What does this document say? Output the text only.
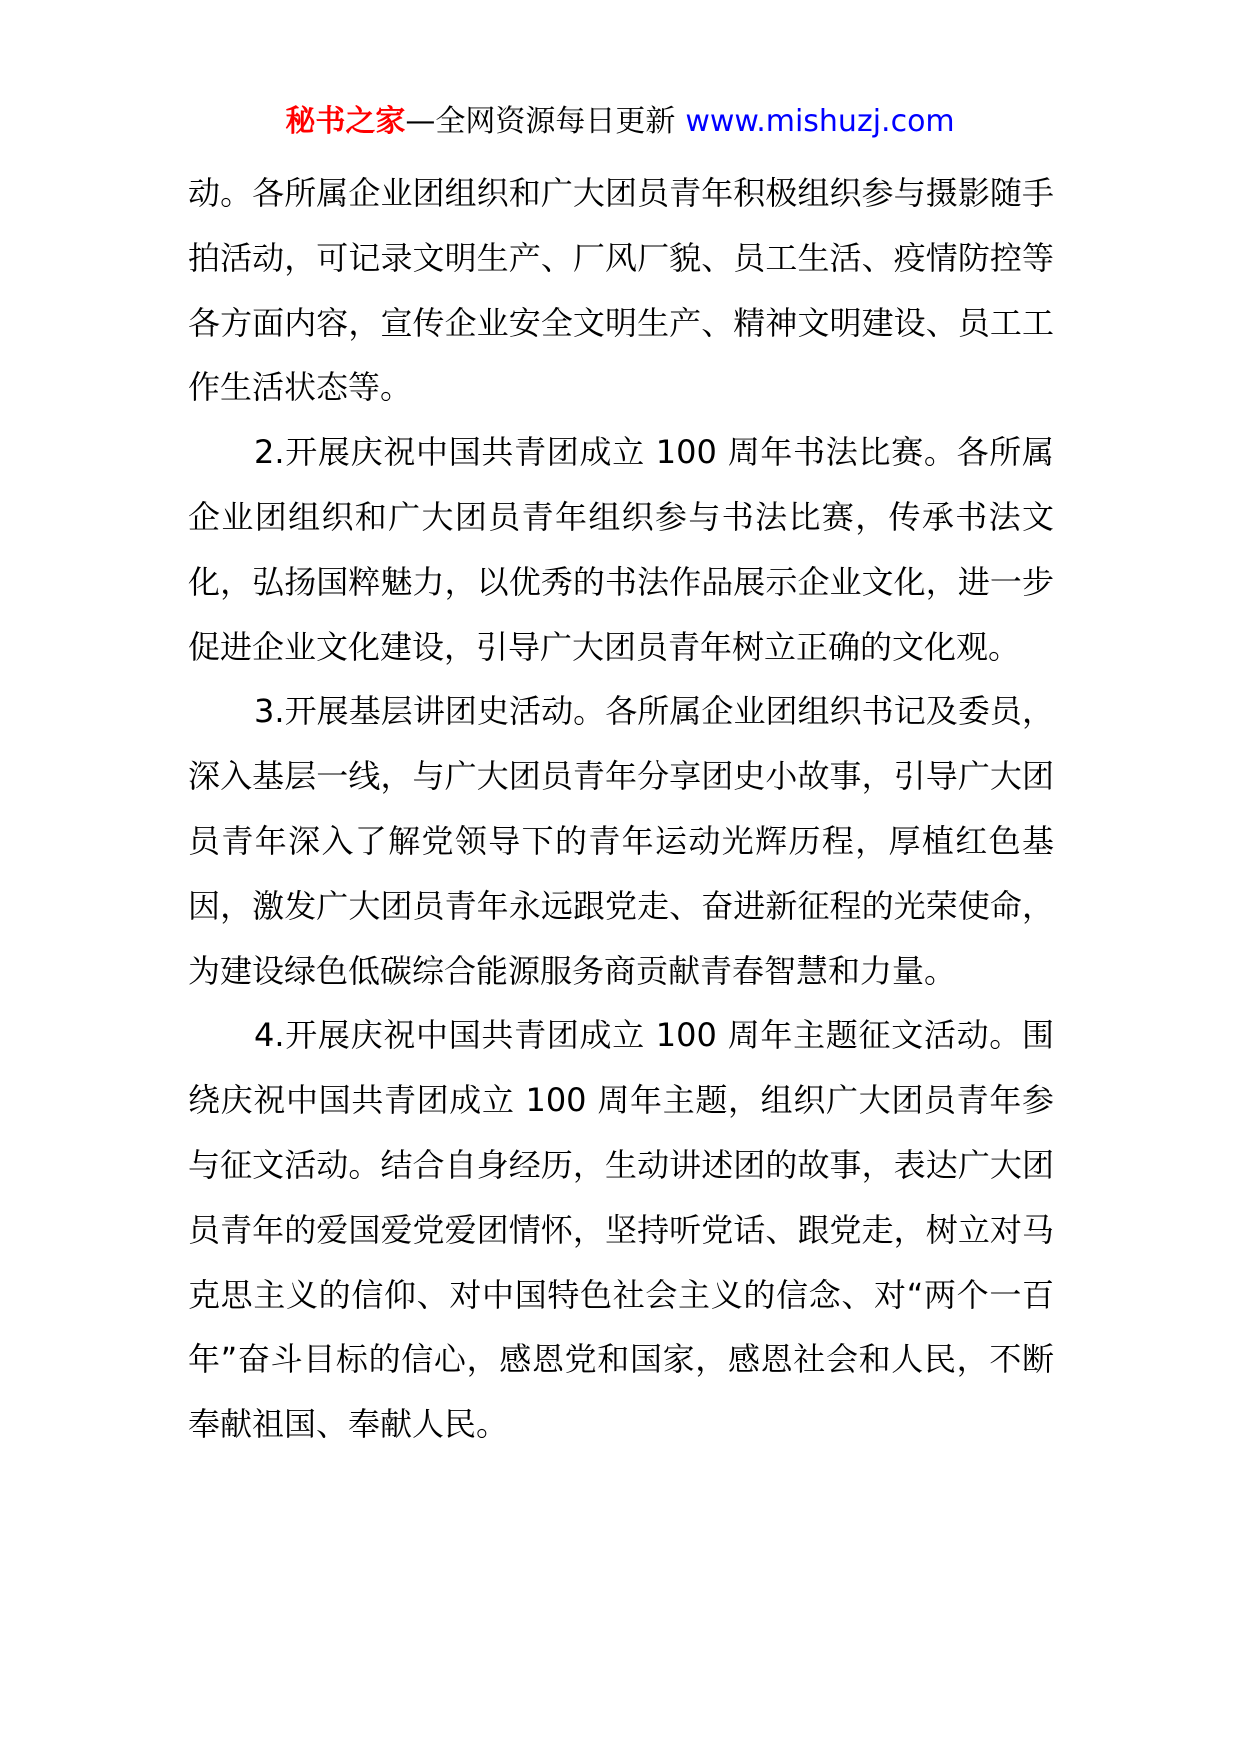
秘书之家—全网资源每日更新 www.mishuzj.com

动。各所属企业团组织和广大团员青年积极组织参与摄影随手拍活动，可记录文明生产、厂风厂貌、员工生活、疫情防控等各方面内容，宣传企业安全文明生产、精神文明建设、员工工作生活状态等。

2.开展庆祝中国共青团成立 100 周年书法比赛。各所属企业团组织和广大团员青年组织参与书法比赛，传承书法文化，弘扬国粹魅力，以优秀的书法作品展示企业文化，进一步促进企业文化建设，引导广大团员青年树立正确的文化观。

3.开展基层讲团史活动。各所属企业团组织书记及委员，深入基层一线，与广大团员青年分享团史小故事，引导广大团员青年深入了解党领导下的青年运动光辉历程，厚植红色基因，激发广大团员青年永远跟党走、奋进新征程的光荣使命，为建设绿色低碳综合能源服务商贡献青春智慧和力量。

4.开展庆祝中国共青团成立 100 周年主题征文活动。围绕庆祝中国共青团成立 100 周年主题，组织广大团员青年参与征文活动。结合自身经历，生动讲述团的故事，表达广大团员青年的爱国爱党爱团情怀，坚持听党话、跟党走，树立对马克思主义的信仰、对中国特色社会主义的信念、对“两个一百年”奋斗目标的信心，感恩党和国家，感恩社会和人民，不断奉献祖国、奉献人民。
